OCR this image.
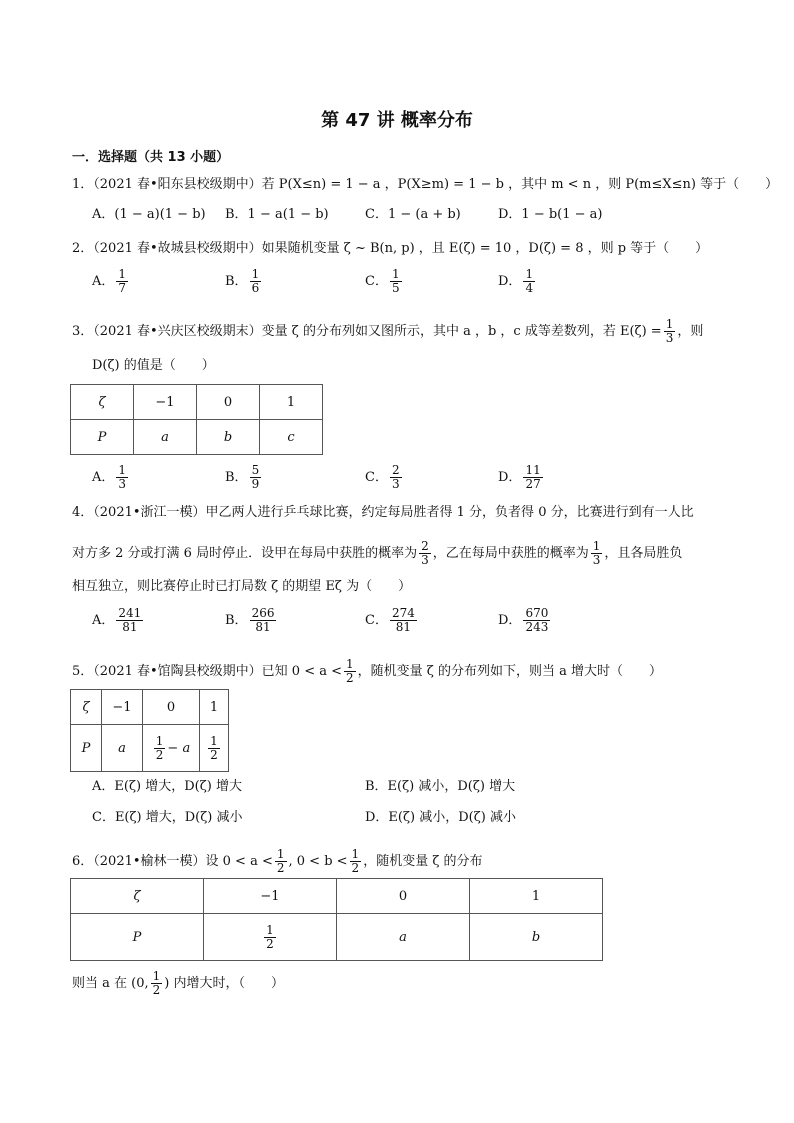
第 47 讲 概率分布
一．选择题（共 13 小题）
1．（2021 春•阳东县校级期中）若 P(X≤n) = 1 − a ，P(X≥m) = 1 − b ，其中 m < n ，则 P(m≤X≤n) 等于（　　）
A．(1 − a)(1 − b) B．1 − a(1 − b)	C．1 − (a + b)	D．1 − b(1 − a)
2．（2021 春•故城县校级期中）如果随机变量 ζ ~ B(n, p) ，且 E(ζ) = 10 ，D(ζ) = 8 ，则 p 等于（　　）
A． $\frac{1}{7}$	B． $\frac{1}{6}$	C． $\frac{1}{5}$	D． $\frac{1}{4}$
3．（2021 春•兴庆区校级期末）变量 ζ 的分布列如又图所示，其中 a ，b ，c 成等差数列，若 $E(\zeta) = \frac{1}{3}$ ，则
D(ζ) 的值是（　　）
ζ	−1	0	1
P	a	b	c
A． $\frac{1}{3}$	B． $\frac{5}{9}$	C． $\frac{2}{3}$	D． $\frac{11}{27}$
4．（2021•浙江一模）甲乙两人进行乒乓球比赛，约定每局胜者得 1 分，负者得 0 分，比赛进行到有一人比
对方多 2 分或打满 6 局时停止．设甲在每局中获胜的概率为 $\frac{2}{3}$ ，乙在每局中获胜的概率为 $\frac{1}{3}$ ，且各局胜负
相互独立，则比赛停止时已打局数 ζ 的期望 Eζ 为（　　）
A． $\frac{241}{81}$	B． $\frac{266}{81}$	C． $\frac{274}{81}$	D． $\frac{670}{243}$
5．（2021 春•馆陶县校级期中）已知 $0 < a < \frac{1}{2}$ ，随机变量 ζ 的分布列如下，则当 a 增大时（　　）
ζ	−1	0	1
P	a	$\frac{1}{2} - a$	$\frac{1}{2}$
A．E(ζ) 增大，D(ζ) 增大	B．E(ζ) 减小，D(ζ) 增大
C．E(ζ) 增大，D(ζ) 减小	D．E(ζ) 减小，D(ζ) 减小
6．（2021•榆林一模）设 $0 < a < \frac{1}{2}$ , $0 < b < \frac{1}{2}$ ，随机变量 ζ 的分布
ζ	−1	0	1
P	$\frac{1}{2}$	a	b
则当 a 在 (0, $\frac{1}{2}$ ) 内增大时，（　　）
